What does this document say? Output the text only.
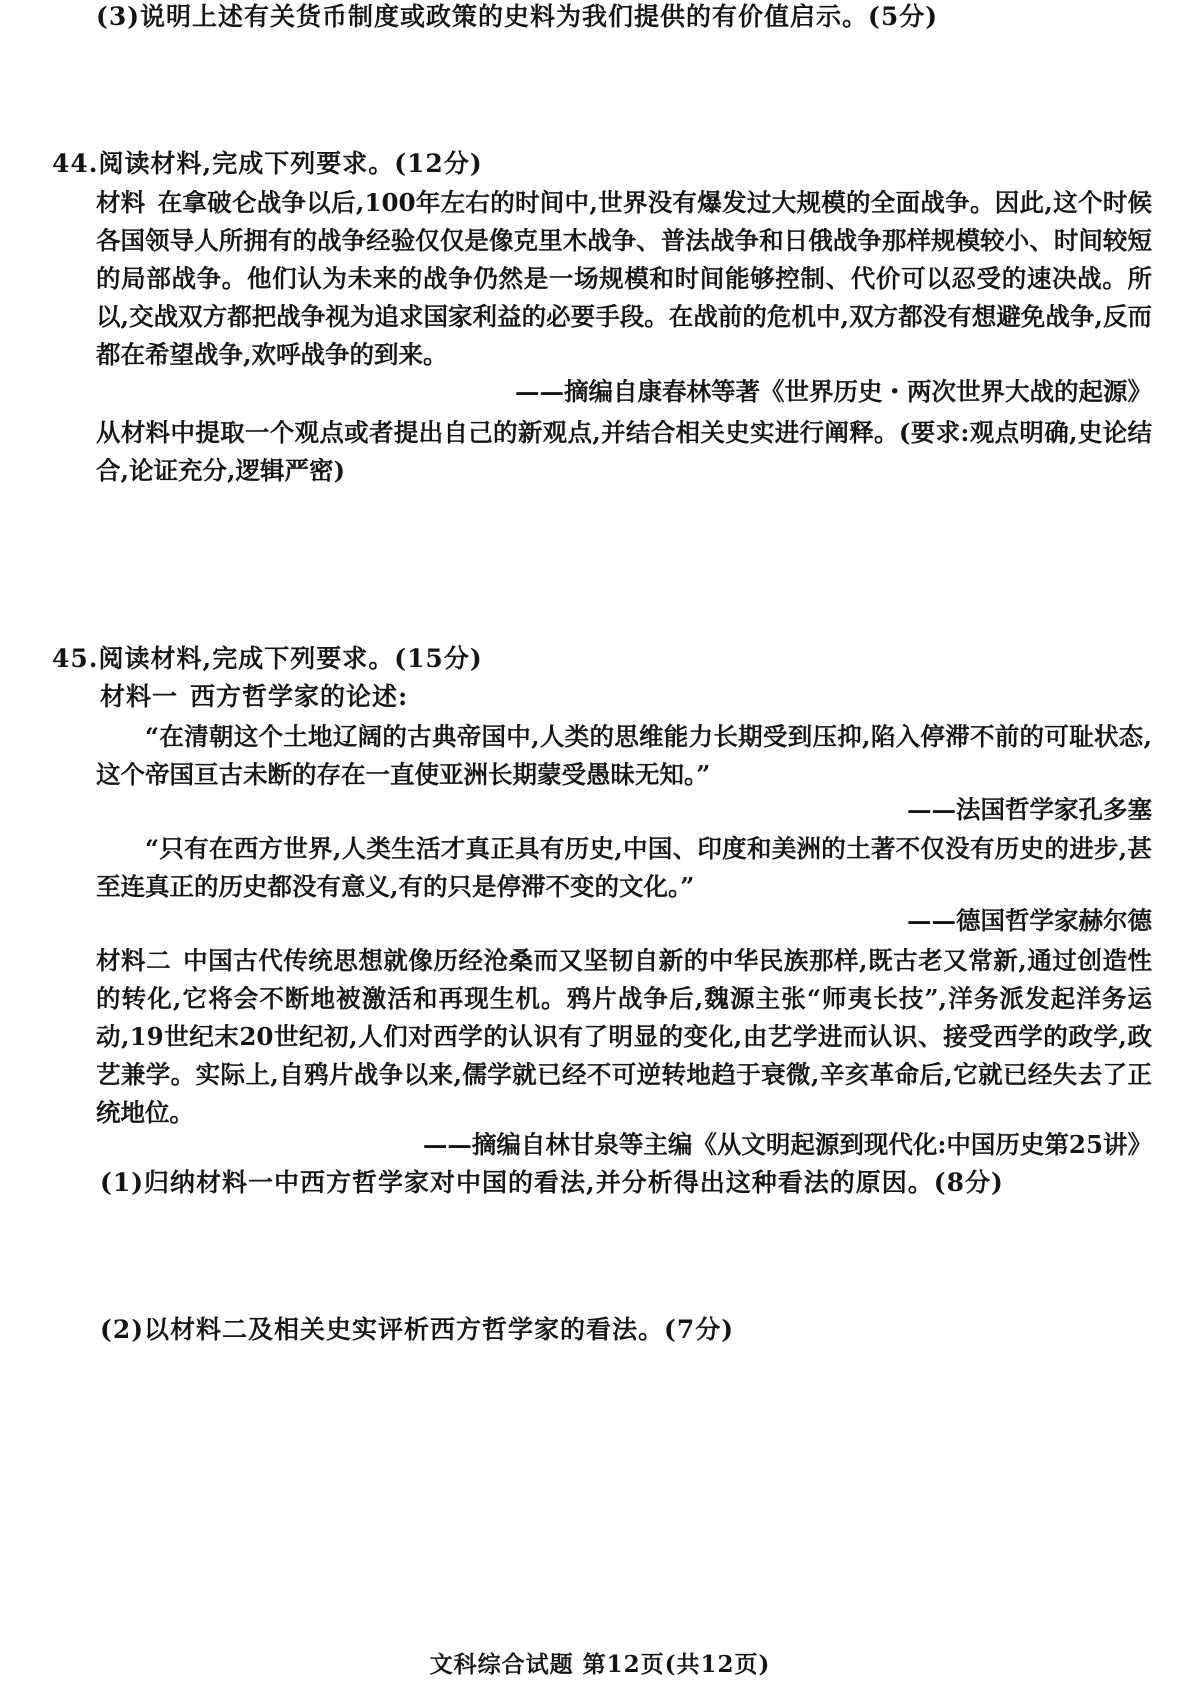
(3)说明上述有关货币制度或政策的史料为我们提供的有价值启示。(5分)
44.阅读材料,完成下列要求。(12分)

材料 在拿破仑战争以后,100年左右的时间中,世界没有爆发过大规模的全面战争。因此,这个时候各国领导人所拥有的战争经验仅仅是像克里木战争、普法战争和日俄战争那样规模较小、时间较短的局部战争。他们认为未来的战争仍然是一场规模和时间能够控制、代价可以忍受的速决战。所以,交战双方都把战争视为追求国家利益的必要手段。在战前的危机中,双方都没有想避免战争,反而都在希望战争,欢呼战争的到来。

——摘编自康春林等著《世界历史・两次世界大战的起源》

从材料中提取一个观点或者提出自己的新观点,并结合相关史实进行阐释。(要求:观点明确,史论结合,论证充分,逻辑严密)

45.阅读材料,完成下列要求。(15分)
材料一 西方哲学家的论述:

“在清朝这个土地辽阔的古典帝国中,人类的思维能力长期受到压抑,陷入停滞不前的可耻状态,这个帝国亘古未断的存在一直使亚洲长期蒙受愚昧无知。”

——法国哲学家孔多塞

“只有在西方世界,人类生活才真正具有历史,中国、印度和美洲的土著不仅没有历史的进步,甚至连真正的历史都没有意义,有的只是停滞不变的文化。”

——德国哲学家赫尔德

材料二 中国古代传统思想就像历经沧桑而又坚韧自新的中华民族那样,既古老又常新,通过创造性的转化,它将会不断地被激活和再现生机。鸦片战争后,魏源主张“师夷长技”,洋务派发起洋务运动,19世纪末20世纪初,人们对西学的认识有了明显的变化,由艺学进而认识、接受西学的政学,政艺兼学。实际上,自鸦片战争以来,儒学就已经不可逆转地趋于衰微,辛亥革命后,它就已经失去了正统地位。

——摘编自林甘泉等主编《从文明起源到现代化:中国历史第25讲》
(1)归纳材料一中西方哲学家对中国的看法,并分析得出这种看法的原因。(8分)
(2)以材料二及相关史实评析西方哲学家的看法。(7分)
文科综合试题 第12页(共12页)
